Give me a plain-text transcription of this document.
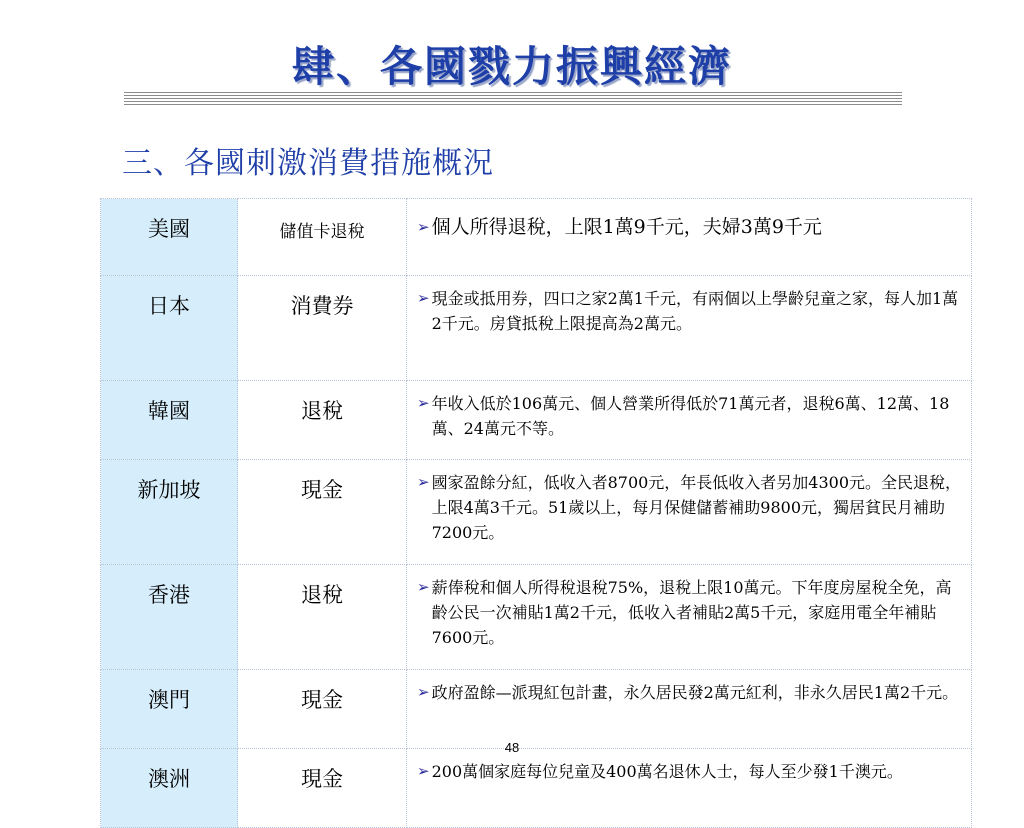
肆、各國戮力振興經濟
三、各國刺激消費措施概況
美國	儲值卡退稅	➢ 個人所得退稅，上限1萬9千元，夫婦3萬9千元

日本	消費券	➢ 現金或抵用券，四口之家2萬1千元，有兩個以上學齡兒童之家，每人加1萬2千元。房貸抵稅上限提高為2萬元。

韓國	退稅	➢ 年收入低於106萬元、個人營業所得低於71萬元者，退稅6萬、12萬、18萬、24萬元不等。

新加坡	現金	➢ 國家盈餘分紅，低收入者8700元，年長低收入者另加4300元。全民退稅，上限4萬3千元。51歲以上，每月保健儲蓄補助9800元，獨居貧民月補助7200元。

香港	退稅	➢ 薪俸稅和個人所得稅退稅75%，退稅上限10萬元。下年度房屋稅全免，高齡公民一次補貼1萬2千元，低收入者補貼2萬5千元，家庭用電全年補貼7600元。

澳門	現金	➢ 政府盈餘—派現紅包計畫，永久居民發2萬元紅利，非永久居民1萬2千元。

澳洲	現金	➢ 200萬個家庭每位兒童及400萬名退休人士，每人至少發1千澳元。
48
